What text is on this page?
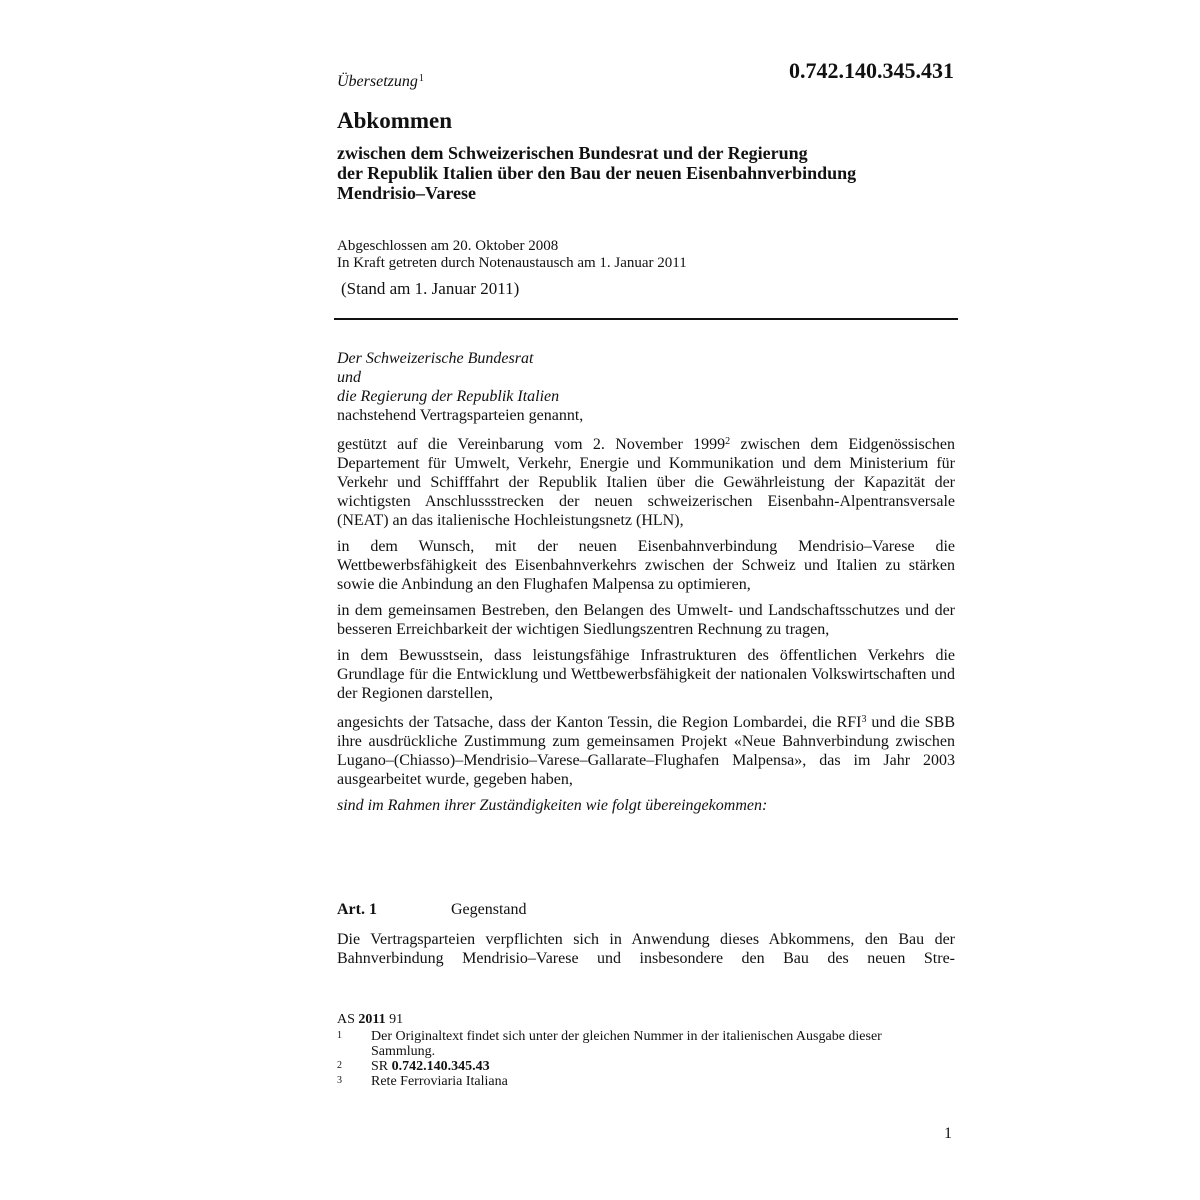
0.742.140.345.431
Übersetzung$^1$
Abkommen
zwischen dem Schweizerischen Bundesrat und der Regierung
der Republik Italien über den Bau der neuen Eisenbahnverbindung
Mendrisio–Varese
Abgeschlossen am 20. Oktober 2008
In Kraft getreten durch Notenaustausch am 1. Januar 2011
(Stand am 1. Januar 2011)

Der Schweizerische Bundesrat

und

die Regierung der Republik Italien

nachstehend Vertragsparteien genannt,

gestützt auf die Vereinbarung vom 2. November 1999$^2$ zwischen dem Eidgenössischen Departement für Umwelt, Verkehr, Energie und Kommunikation und dem Ministerium für Verkehr und Schifffahrt der Republik Italien über die Gewährleistung der Kapazität der wichtigsten Anschlussstrecken der neuen schweizerischen Eisenbahn-Alpentransversale (NEAT) an das italienische Hochleistungsnetz (HLN),

in dem Wunsch, mit der neuen Eisenbahnverbindung Mendrisio–Varese die Wettbewerbsfähigkeit des Eisenbahnverkehrs zwischen der Schweiz und Italien zu stärken sowie die Anbindung an den Flughafen Malpensa zu optimieren,

in dem gemeinsamen Bestreben, den Belangen des Umwelt- und Landschaftsschutzes und der besseren Erreichbarkeit der wichtigen Siedlungszentren Rechnung zu tragen,

in dem Bewusstsein, dass leistungsfähige Infrastrukturen des öffentlichen Verkehrs die Grundlage für die Entwicklung und Wettbewerbsfähigkeit der nationalen Volkswirtschaften und der Regionen darstellen,

angesichts der Tatsache, dass der Kanton Tessin, die Region Lombardei, die RFI$^3$ und die SBB ihre ausdrückliche Zustimmung zum gemeinsamen Projekt «Neue Bahnverbindung zwischen Lugano–(Chiasso)–Mendrisio–Varese–Gallarate–Flughafen Malpensa», das im Jahr 2003 ausgearbeitet wurde, gegeben haben,

sind im Rahmen ihrer Zuständigkeiten wie folgt übereingekommen:

Art. 1	Gegenstand
Die Vertragsparteien verpflichten sich in Anwendung dieses Abkommens, den Bau der Bahnverbindung Mendrisio–Varese und insbesondere den Bau des neuen Stre-
AS 2011 91
1	Der Originaltext findet sich unter der gleichen Nummer in der italienischen Ausgabe dieser Sammlung.
2	SR 0.742.140.345.43
3	Rete Ferroviaria Italiana
1
